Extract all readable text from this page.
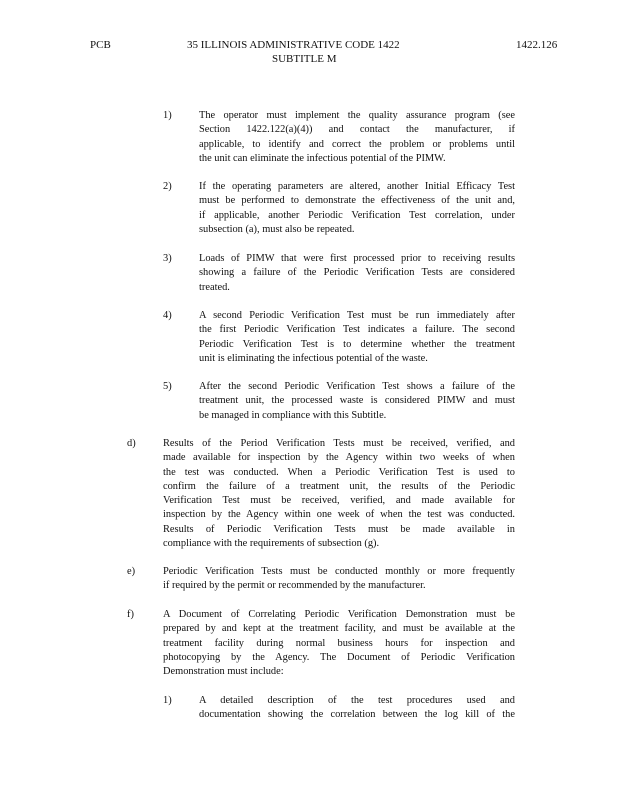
PCB	35 ILLINOIS ADMINISTRATIVE CODE 1422
SUBTITLE M
1422.126
1)	The operator must implement the quality assurance program (see
Section 1422.122(a)(4)) and contact the manufacturer, if
applicable, to identify and correct the problem or problems until
the unit can eliminate the infectious potential of the PIMW.
2)	If the operating parameters are altered, another Initial Efficacy Test
must be performed to demonstrate the effectiveness of the unit and,
if applicable, another Periodic Verification Test correlation, under
subsection (a), must also be repeated.
3)	Loads of PIMW that were first processed prior to receiving results
showing a failure of the Periodic Verification Tests are considered
treated.
4)	A second Periodic Verification Test must be run immediately after
the first Periodic Verification Test indicates a failure. The second
Periodic Verification Test is to determine whether the treatment
unit is eliminating the infectious potential of the waste.
5)	After the second Periodic Verification Test shows a failure of the
treatment unit, the processed waste is considered PIMW and must
be managed in compliance with this Subtitle.
d)	Results of the Period Verification Tests must be received, verified, and
made available for inspection by the Agency within two weeks of when
the test was conducted. When a Periodic Verification Test is used to
confirm the failure of a treatment unit, the results of the Periodic
Verification Test must be received, verified, and made available for
inspection by the Agency within one week of when the test was conducted.
Results of Periodic Verification Tests must be made available in
compliance with the requirements of subsection (g).
e)	Periodic Verification Tests must be conducted monthly or more frequently
if required by the permit or recommended by the manufacturer.
f)	A Document of Correlating Periodic Verification Demonstration must be
prepared by and kept at the treatment facility, and must be available at the
treatment facility during normal business hours for inspection and
photocopying by the Agency. The Document of Periodic Verification
Demonstration must include:
1)	A detailed description of the test procedures used and
documentation showing the correlation between the log kill of the
